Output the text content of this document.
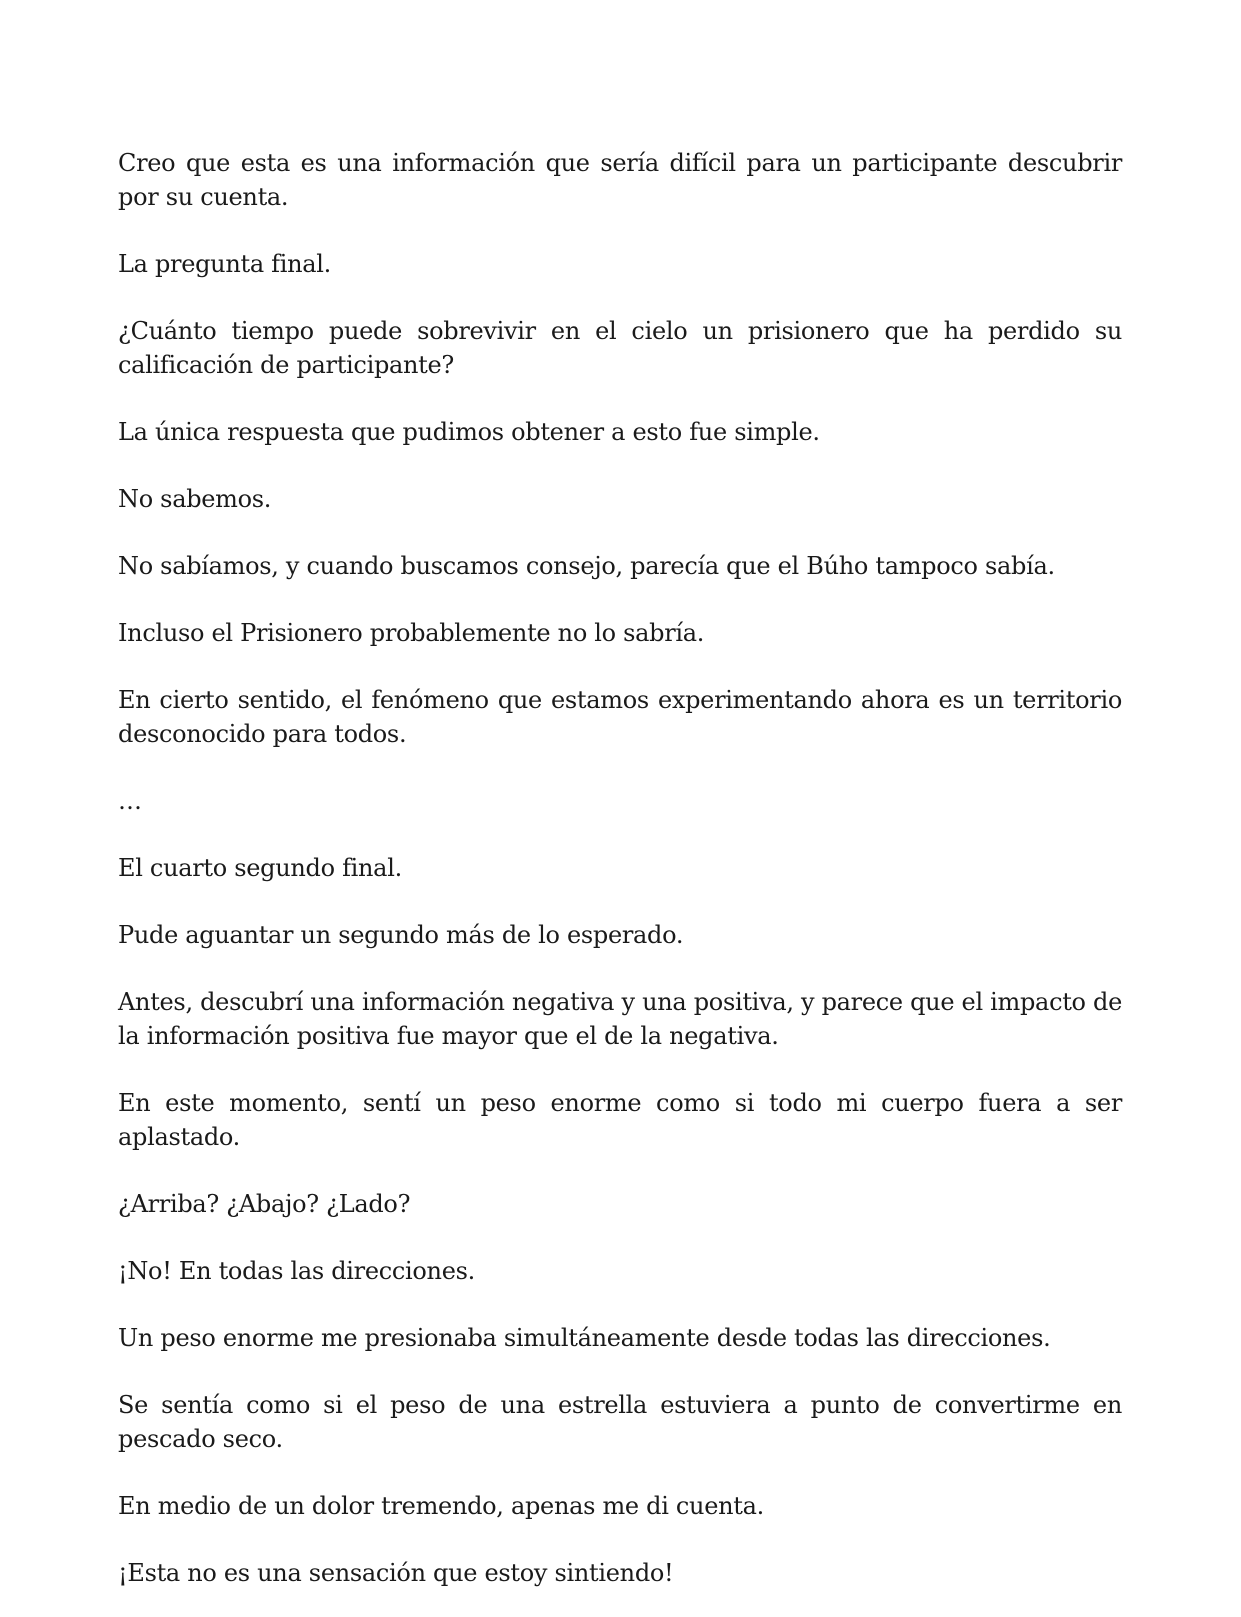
Creo que esta es una información que sería difícil para un participante descubrir por su cuenta.

La pregunta final.

¿Cuánto tiempo puede sobrevivir en el cielo un prisionero que ha perdido su calificación de participante?

La única respuesta que pudimos obtener a esto fue simple.

No sabemos.

No sabíamos, y cuando buscamos consejo, parecía que el Búho tampoco sabía.

Incluso el Prisionero probablemente no lo sabría.

En cierto sentido, el fenómeno que estamos experimentando ahora es un territorio desconocido para todos.

…

El cuarto segundo final.

Pude aguantar un segundo más de lo esperado.

Antes, descubrí una información negativa y una positiva, y parece que el impacto de la información positiva fue mayor que el de la negativa.

En este momento, sentí un peso enorme como si todo mi cuerpo fuera a ser aplastado.

¿Arriba? ¿Abajo? ¿Lado?

¡No! En todas las direcciones.

Un peso enorme me presionaba simultáneamente desde todas las direcciones.

Se sentía como si el peso de una estrella estuviera a punto de convertirme en pescado seco.

En medio de un dolor tremendo, apenas me di cuenta.

¡Esta no es una sensación que estoy sintiendo!
